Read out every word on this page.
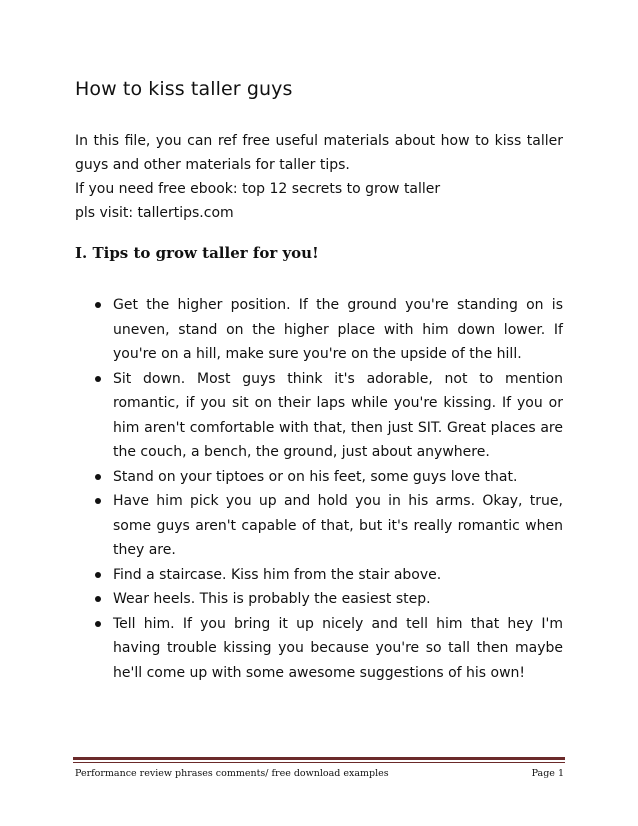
How to kiss taller guys

In this file, you can ref free useful materials about how to kiss taller guys and other materials for taller tips.

If you need free ebook: top 12 secrets to grow taller

pls visit: tallertips.com

I. Tips to grow taller for you!
Get the higher position. If the ground you're standing on is uneven, stand on the higher place with him down lower. If you're on a hill, make sure you're on the upside of the hill.
Sit down. Most guys think it's adorable, not to mention romantic, if you sit on their laps while you're kissing. If you or him aren't comfortable with that, then just SIT. Great places are the couch, a bench, the ground, just about anywhere.
Stand on your tiptoes or on his feet, some guys love that.
Have him pick you up and hold you in his arms. Okay, true, some guys aren't capable of that, but it's really romantic when they are.
Find a staircase. Kiss him from the stair above.
Wear heels. This is probably the easiest step.
Tell him. If you bring it up nicely and tell him that hey I'm having trouble kissing you because you're so tall then maybe he'll come up with some awesome suggestions of his own!
Performance review phrases comments/ free download examples	Page 1
